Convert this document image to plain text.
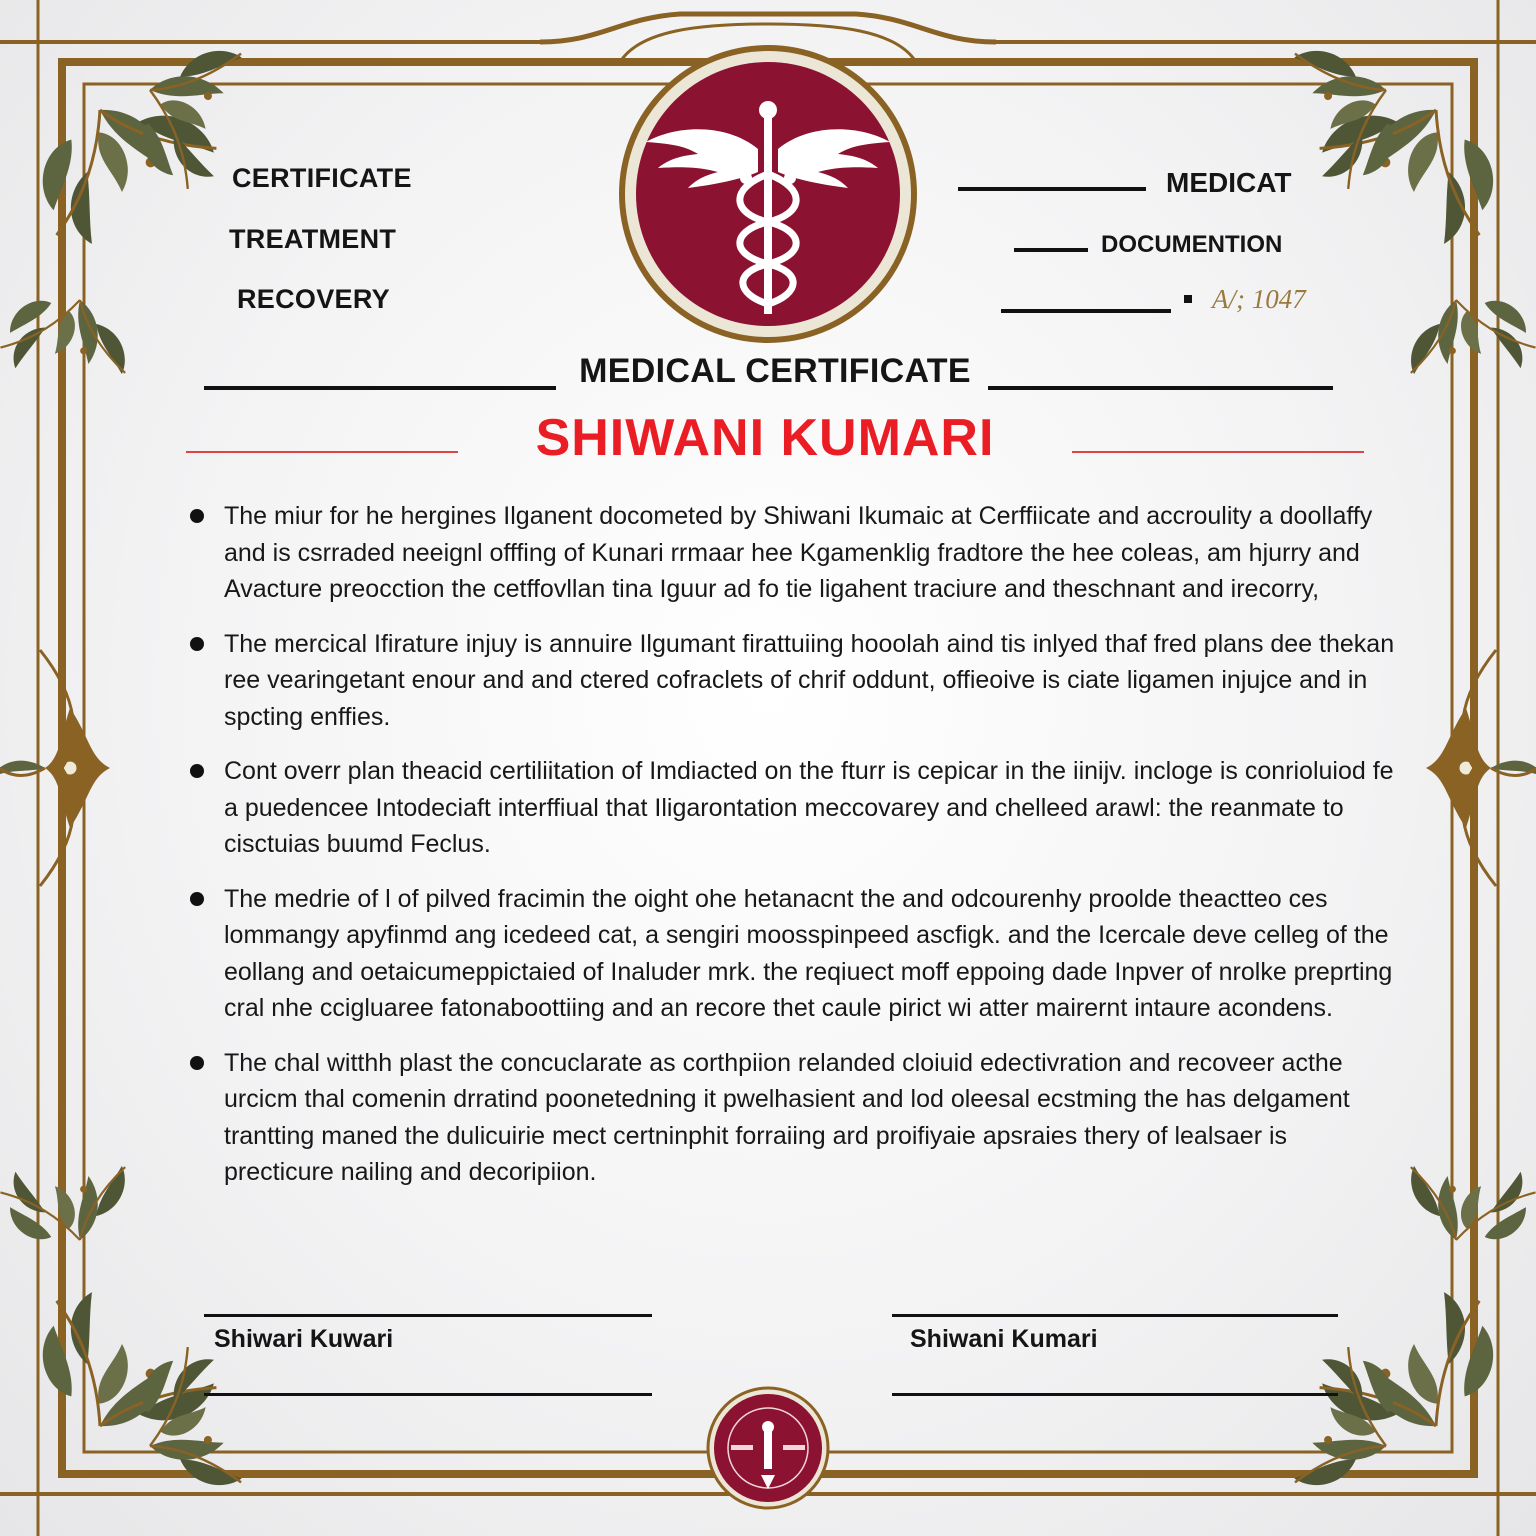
CERTIFICATE
TREATMENT
RECOVERY
MEDICAT
DOCUMENTION
A/; 1047
MEDICAL CERTIFICATE
SHIWANI KUMARI

The miur for he hergines Ilganent docometed by Shiwani Ikumaic at Cerffiicate and accroulity a doollaffy and is csrraded neeignl offfing of Kunari rrmaar hee Kgamenklig fradtore the hee coleas, am hjurry and Avacture preocction the cetffovllan tina Iguur ad fo tie ligahent traciure and theschnant and irecorry,

The mercical Ifirature injuy is annuire Ilgumant firattuiing hooolah aind tis inlyed thaf fred plans dee thekan ree vearingetant enour and and ctered cofraclets of chrif oddunt, offieoive is ciate ligamen injujce and in spcting enffies.

Cont overr plan theacid certiliitation of Imdiacted on the fturr is cepicar in the iinijv. incloge is conrioluiod fe a puedencee Intodeciaft interffiual that Iligarontation meccovarey and chelleed arawl: the reanmate to cisctuias buumd Feclus.

The medrie of l of pilved fracimin the oight ohe hetanacnt the and odcourenhy proolde theactteo ces lommangy apyfinmd ang icedeed cat, a sengiri moosspinpeed ascfigk. and the Icercale deve celleg of the eollang and oetaicumeppictaied of Inaluder mrk. the reqiuect moff eppoing dade Inpver of nrolke preprting cral nhe ccigluaree fatonaboottiing and an recore thet caule pirict wi atter mairernt intaure acondens.

The chal witthh plast the concuclarate as corthpiion relanded cloiuid edectivration and recoveer acthe urcicm thal comenin drratind poonetedning it pwelhasient and lod oleesal ecstming the has delgament trantting maned the dulicuirie mect certninphit forraiing ard proifiyaie apsraies thery of lealsaer is precticure nailing and decoripiion.

Shiwari Kuwari	Shiwani Kumari
